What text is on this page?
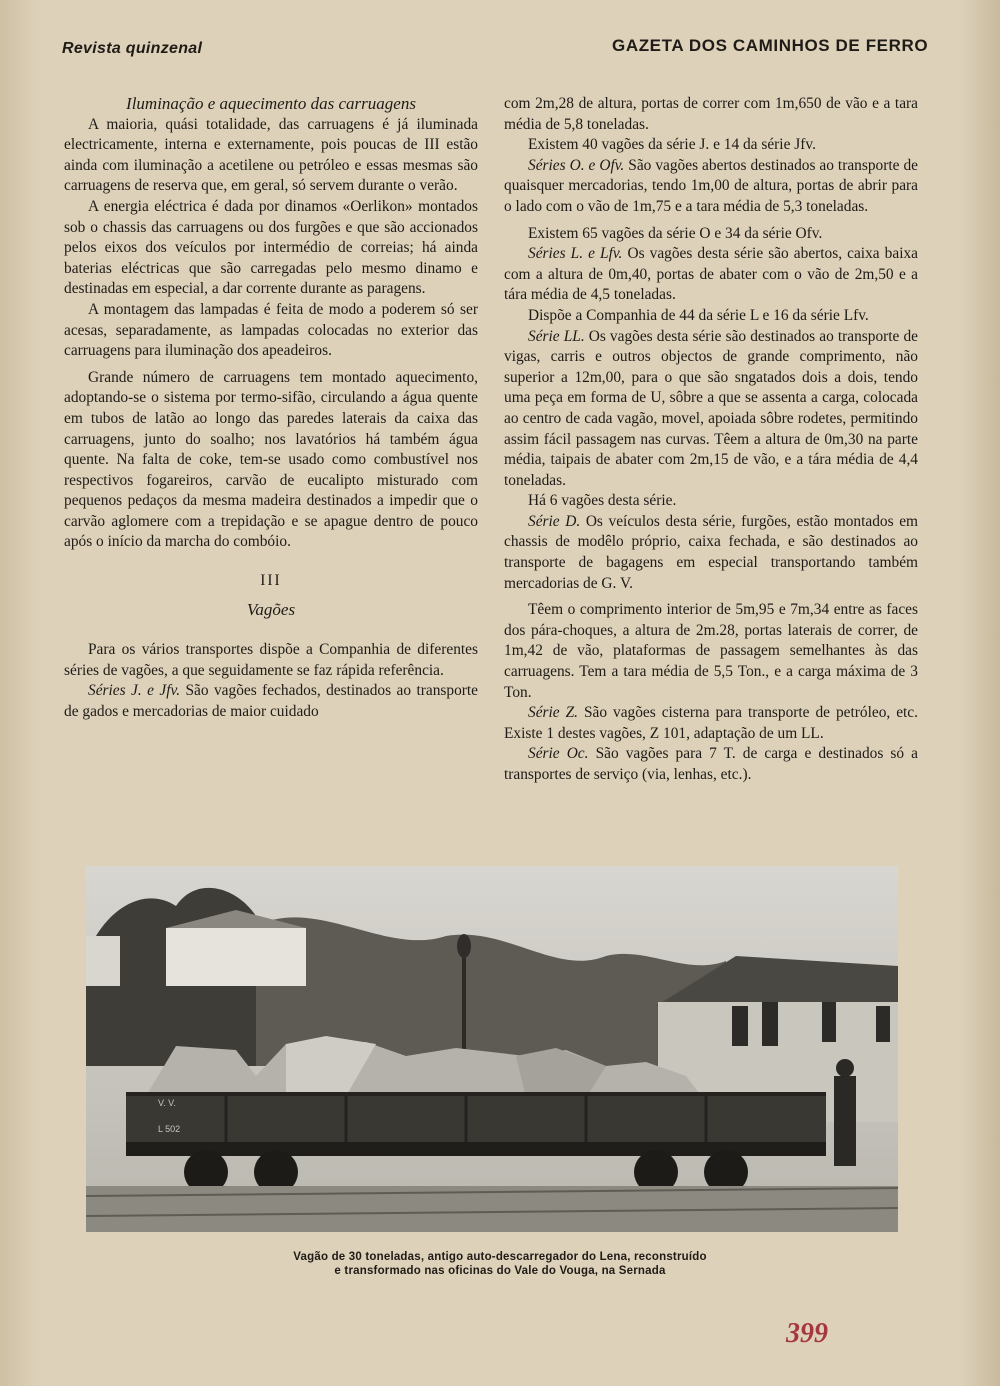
Revista quinzenal	GAZETA DOS CAMINHOS DE FERRO

Iluminação e aquecimento das carruagens

A maioria, quási totalidade, das carruagens é já iluminada electricamente, interna e externamente, pois poucas de III estão ainda com iluminação a acetilene ou petróleo e essas mesmas são carruagens de reserva que, em geral, só servem durante o verão.

A energia eléctrica é dada por dinamos «Oerlikon» montados sob o chassis das carruagens ou dos furgões e que são accionados pelos eixos dos veículos por intermédio de correias; há ainda baterias eléctricas que são carregadas pelo mesmo dinamo e destinadas em especial, a dar corrente durante as paragens.

A montagem das lampadas é feita de modo a poderem só ser acesas, separadamente, as lampadas colocadas no exterior das carruagens para iluminação dos apeadeiros.

Grande número de carruagens tem montado aquecimento, adoptando-se o sistema por termo-sifão, circulando a água quente em tubos de latão ao longo das paredes laterais da caixa das carruagens, junto do soalho; nos lavatórios há também água quente. Na falta de coke, tem-se usado como combustível nos respectivos fogareiros, carvão de eucalipto misturado com pequenos pedaços da mesma madeira destinados a impedir que o carvão aglomere com a trepidação e se apague dentro de pouco após o início da marcha do combóio.

III
Vagões

Para os vários transportes dispõe a Companhia de diferentes séries de vagões, a que seguidamente se faz rápida referência.

Séries J. e Jfv. São vagões fechados, destinados ao transporte de gados e mercadorias de maior cuidado

com 2m,28 de altura, portas de correr com 1m,650 de vão e a tara média de 5,8 toneladas.

Existem 40 vagões da série J. e 14 da série Jfv.

Séries O. e Ofv. São vagões abertos destinados ao transporte de quaisquer mercadorias, tendo 1m,00 de altura, portas de abrir para o lado com o vão de 1m,75 e a tara média de 5,3 toneladas.

Existem 65 vagões da série O e 34 da série Ofv.

Séries L. e Lfv. Os vagões desta série são abertos, caixa baixa com a altura de 0m,40, portas de abater com o vão de 2m,50 e a tára média de 4,5 toneladas.

Dispõe a Companhia de 44 da série L e 16 da série Lfv.

Série LL. Os vagões desta série são destinados ao transporte de vigas, carris e outros objectos de grande comprimento, não superior a 12m,00, para o que são sngatados dois a dois, tendo uma peça em forma de U, sôbre a que se assenta a carga, colocada ao centro de cada vagão, movel, apoiada sôbre rodetes, permitindo assim fácil passagem nas curvas. Têem a altura de 0m,30 na parte média, taipais de abater com 2m,15 de vão, e a tára média de 4,4 toneladas.

Há 6 vagões desta série.

Série D. Os veículos desta série, furgões, estão montados em chassis de modêlo próprio, caixa fechada, e são destinados ao transporte de bagagens em especial transportando também mercadorias de G. V.

Têem o comprimento interior de 5m,95 e 7m,34 entre as faces dos pára-choques, a altura de 2m.28, portas laterais de correr, de 1m,42 de vão, plataformas de passagem semelhantes às das carruagens. Tem a tara média de 5,5 Ton., e a carga máxima de 3 Ton.

Série Z. São vagões cisterna para transporte de petróleo, etc. Existe 1 destes vagões, Z 101, adaptação de um LL.

Série Oc. São vagões para 7 T. de carga e destinados só a transportes de serviço (via, lenhas, etc.).

V. V.
L 502
Vagão de 30 toneladas, antigo auto-descarregador do Lena, reconstruído
e transformado nas oficinas do Vale do Vouga, na Sernada
399
